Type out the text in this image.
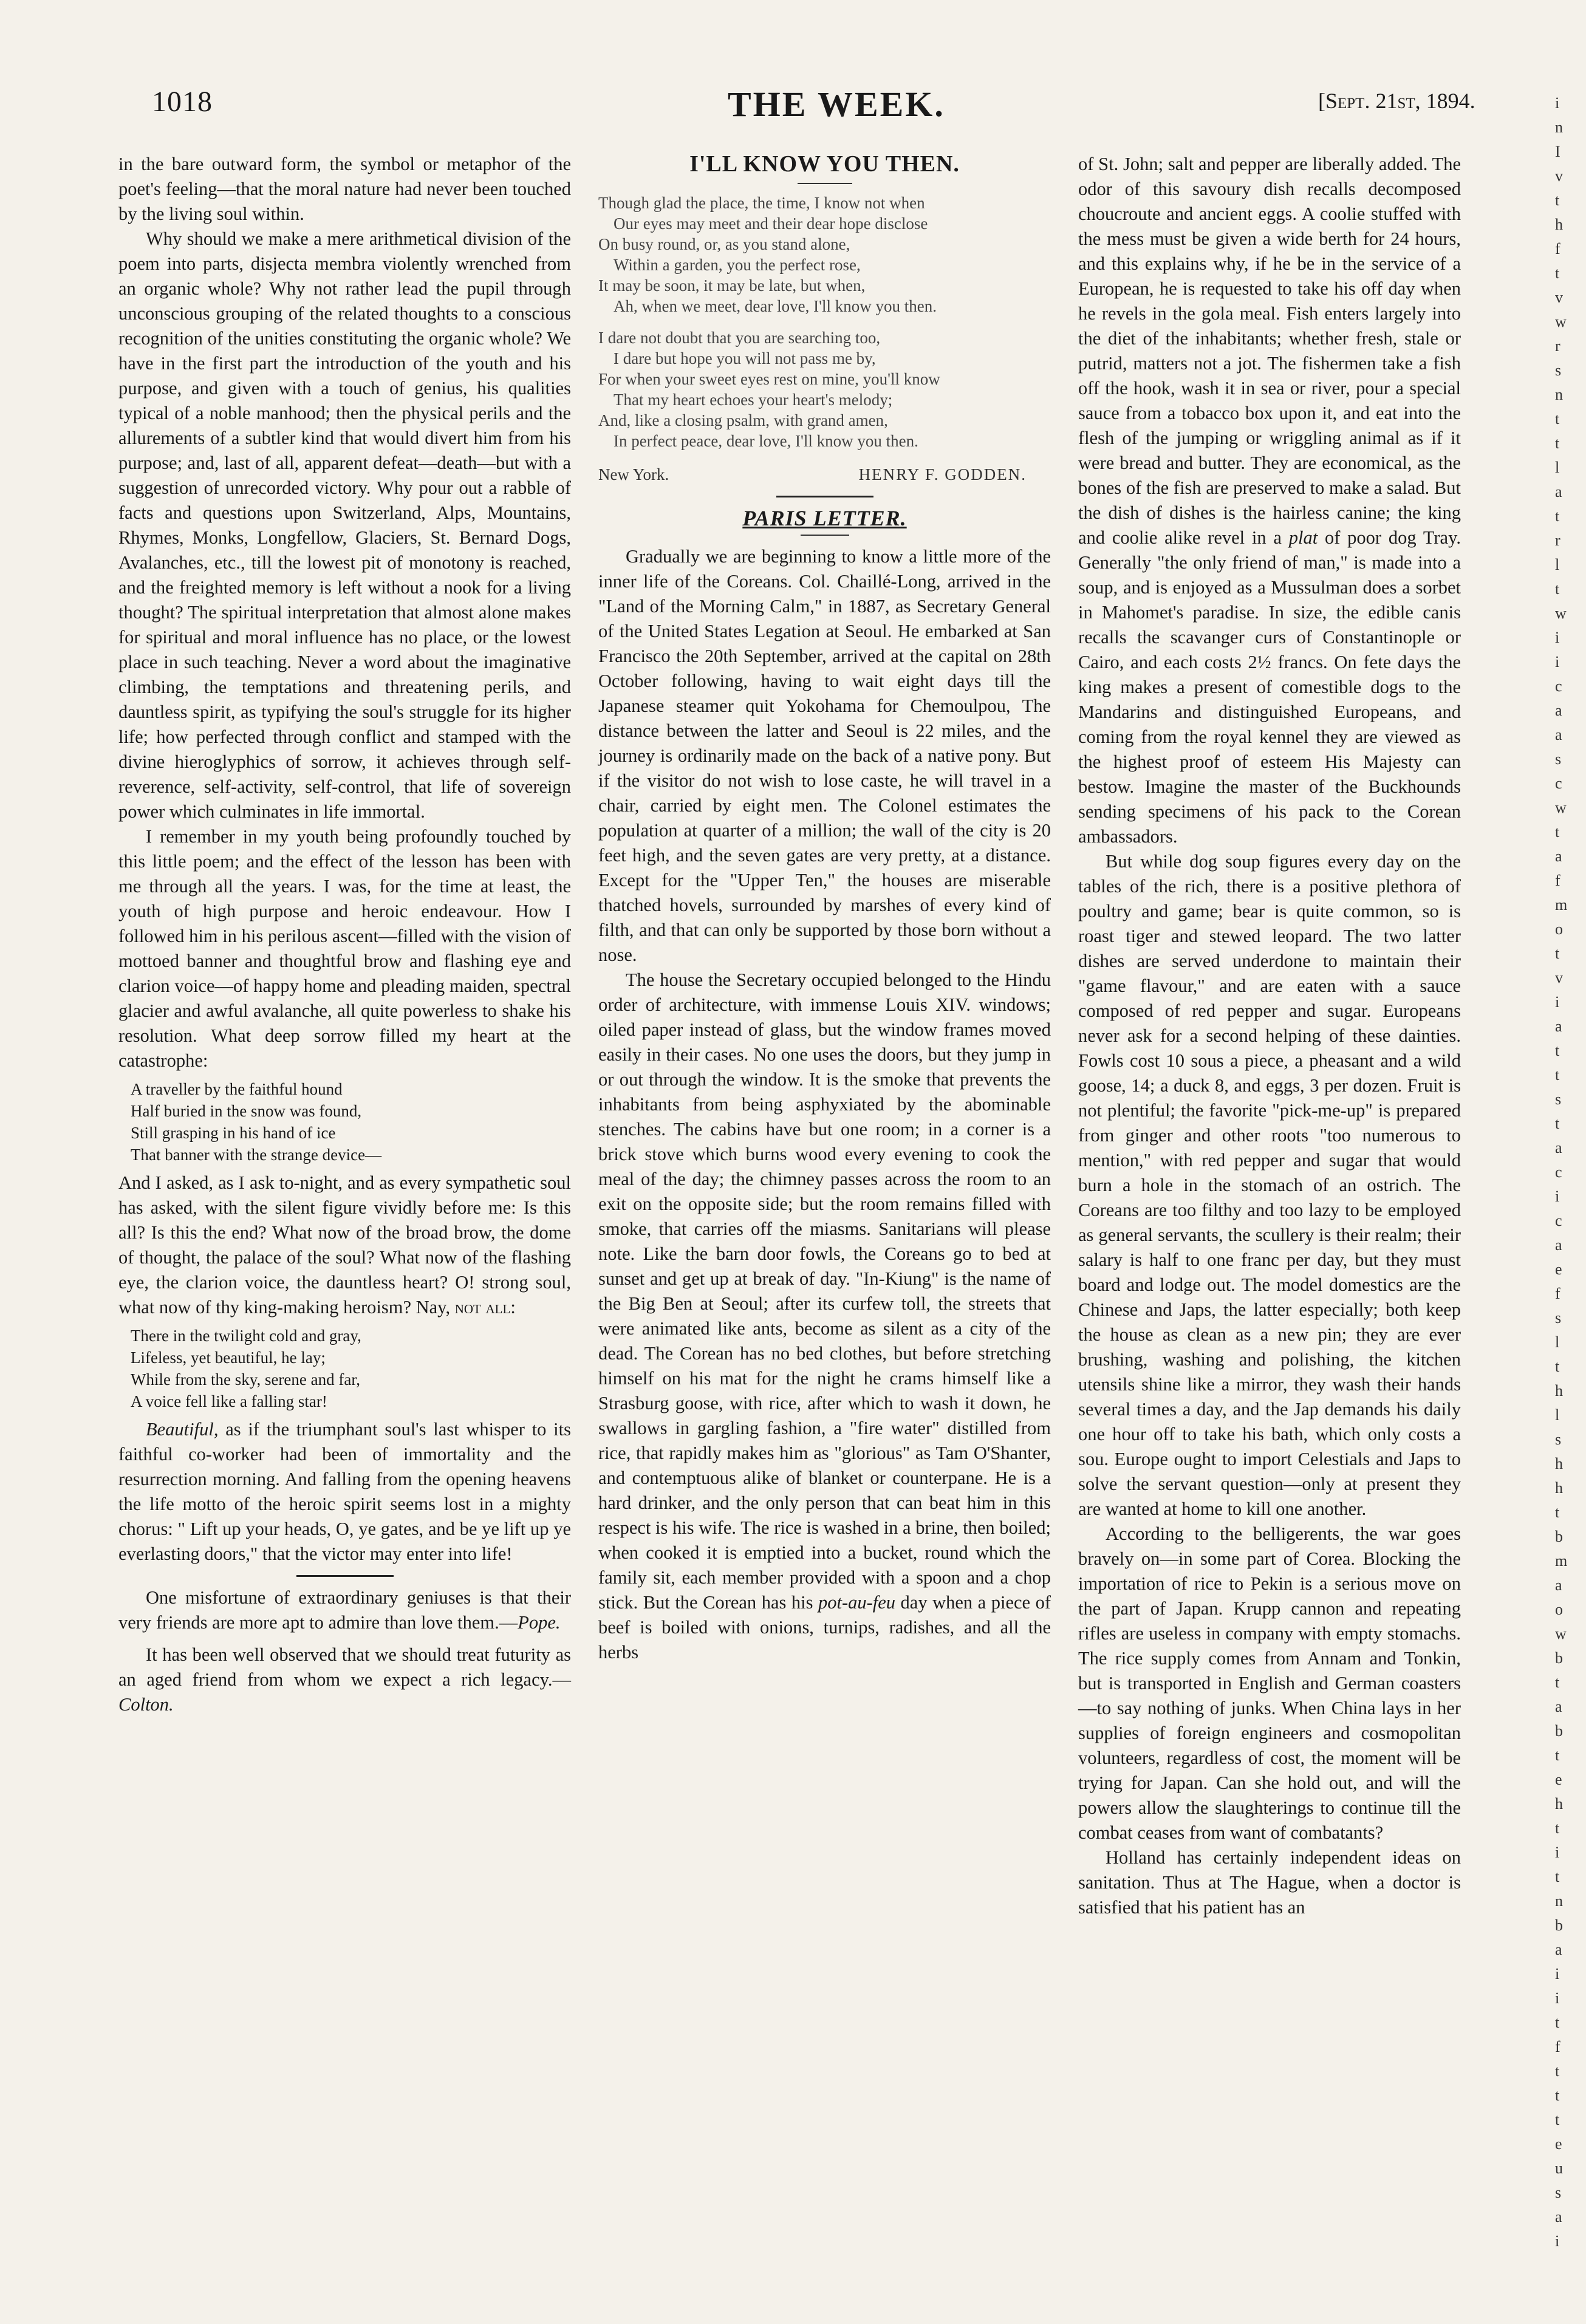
1018	THE WEEK.	[Sept. 21st, 1894.

in the bare outward form, the symbol or metaphor of the poet's feeling—that the moral nature had never been touched by the living soul within.

Why should we make a mere arithmetical division of the poem into parts, disjecta membra violently wrenched from an organic whole? Why not rather lead the pupil through unconscious grouping of the related thoughts to a conscious recognition of the unities constituting the organic whole? We have in the first part the introduction of the youth and his purpose, and given with a touch of genius, his qualities typical of a noble manhood; then the physical perils and the allurements of a subtler kind that would divert him from his purpose; and, last of all, apparent defeat—death—but with a suggestion of unrecorded victory. Why pour out a rabble of facts and questions upon Switzerland, Alps, Mountains, Rhymes, Monks, Longfellow, Glaciers, St. Bernard Dogs, Avalanches, etc., till the lowest pit of monotony is reached, and the freighted memory is left without a nook for a living thought? The spiritual interpretation that almost alone makes for spiritual and moral influence has no place, or the lowest place in such teaching. Never a word about the imaginative climbing, the temptations and threatening perils, and dauntless spirit, as typifying the soul's struggle for its higher life; how perfected through conflict and stamped with the divine hieroglyphics of sorrow, it achieves through self-reverence, self-activity, self-control, that life of sovereign power which culminates in life immortal.

I remember in my youth being profoundly touched by this little poem; and the effect of the lesson has been with me through all the years. I was, for the time at least, the youth of high purpose and heroic endeavour. How I followed him in his perilous ascent—filled with the vision of mottoed banner and thoughtful brow and flashing eye and clarion voice—of happy home and pleading maiden, spectral glacier and awful avalanche, all quite powerless to shake his resolution. What deep sorrow filled my heart at the catastrophe:

A traveller by the faithful hound
Half buried in the snow was found,
Still grasping in his hand of ice
That banner with the strange device—

And I asked, as I ask to-night, and as every sympathetic soul has asked, with the silent figure vividly before me: Is this all? Is this the end? What now of the broad brow, the dome of thought, the palace of the soul? What now of the flashing eye, the clarion voice, the dauntless heart? O! strong soul, what now of thy king-making heroism? Nay, not all:

There in the twilight cold and gray,
Lifeless, yet beautiful, he lay;
While from the sky, serene and far,
A voice fell like a falling star!

Beautiful, as if the triumphant soul's last whisper to its faithful co-worker had been of immortality and the resurrection morning. And falling from the opening heavens the life motto of the heroic spirit seems lost in a mighty chorus: " Lift up your heads, O, ye gates, and be ye lift up ye everlasting doors," that the victor may enter into life!

One misfortune of extraordinary geniuses is that their very friends are more apt to admire than love them.—Pope.

It has been well observed that we should treat futurity as an aged friend from whom we expect a rich legacy.—Colton.

I'LL KNOW YOU THEN.
Though glad the place, the time, I know not when
Our eyes may meet and their dear hope disclose
On busy round, or, as you stand alone,
Within a garden, you the perfect rose,
It may be soon, it may be late, but when,
Ah, when we meet, dear love, I'll know you then.
I dare not doubt that you are searching too,
I dare but hope you will not pass me by,
For when your sweet eyes rest on mine, you'll know
That my heart echoes your heart's melody;
And, like a closing psalm, with grand amen,
In perfect peace, dear love, I'll know you then.
New York.	HENRY F. GODDEN.
PARIS LETTER.

Gradually we are beginning to know a little more of the inner life of the Coreans. Col. Chaillé-Long, arrived in the "Land of the Morning Calm," in 1887, as Secretary General of the United States Legation at Seoul. He embarked at San Francisco the 20th September, arrived at the capital on 28th October following, having to wait eight days till the Japanese steamer quit Yokohama for Chemoulpou, The distance between the latter and Seoul is 22 miles, and the journey is ordinarily made on the back of a native pony. But if the visitor do not wish to lose caste, he will travel in a chair, carried by eight men. The Colonel estimates the population at quarter of a million; the wall of the city is 20 feet high, and the seven gates are very pretty, at a distance. Except for the "Upper Ten," the houses are miserable thatched hovels, surrounded by marshes of every kind of filth, and that can only be supported by those born without a nose.

The house the Secretary occupied belonged to the Hindu order of architecture, with immense Louis XIV. windows; oiled paper instead of glass, but the window frames moved easily in their cases. No one uses the doors, but they jump in or out through the window. It is the smoke that prevents the inhabitants from being asphyxiated by the abominable stenches. The cabins have but one room; in a corner is a brick stove which burns wood every evening to cook the meal of the day; the chimney passes across the room to an exit on the opposite side; but the room remains filled with smoke, that carries off the miasms. Sanitarians will please note. Like the barn door fowls, the Coreans go to bed at sunset and get up at break of day. "In-Kiung" is the name of the Big Ben at Seoul; after its curfew toll, the streets that were animated like ants, become as silent as a city of the dead. The Corean has no bed clothes, but before stretching himself on his mat for the night he crams himself like a Strasburg goose, with rice, after which to wash it down, he swallows in gargling fashion, a "fire water" distilled from rice, that rapidly makes him as "glorious" as Tam O'Shanter, and contemptuous alike of blanket or counterpane. He is a hard drinker, and the only person that can beat him in this respect is his wife. The rice is washed in a brine, then boiled; when cooked it is emptied into a bucket, round which the family sit, each member provided with a spoon and a chop stick. But the Corean has his pot-au-feu day when a piece of beef is boiled with onions, turnips, radishes, and all the herbs

of St. John; salt and pepper are liberally added. The odor of this savoury dish recalls decomposed choucroute and ancient eggs. A coolie stuffed with the mess must be given a wide berth for 24 hours, and this explains why, if he be in the service of a European, he is requested to take his off day when he revels in the gola meal. Fish enters largely into the diet of the inhabitants; whether fresh, stale or putrid, matters not a jot. The fishermen take a fish off the hook, wash it in sea or river, pour a special sauce from a tobacco box upon it, and eat into the flesh of the jumping or wriggling animal as if it were bread and butter. They are economical, as the bones of the fish are preserved to make a salad. But the dish of dishes is the hairless canine; the king and coolie alike revel in a plat of poor dog Tray. Generally "the only friend of man," is made into a soup, and is enjoyed as a Mussulman does a sorbet in Mahomet's paradise. In size, the edible canis recalls the scavanger curs of Constantinople or Cairo, and each costs 2½ francs. On fete days the king makes a present of comestible dogs to the Mandarins and distinguished Europeans, and coming from the royal kennel they are viewed as the highest proof of esteem His Majesty can bestow. Imagine the master of the Buckhounds sending specimens of his pack to the Corean ambassadors.

But while dog soup figures every day on the tables of the rich, there is a positive plethora of poultry and game; bear is quite common, so is roast tiger and stewed leopard. The two latter dishes are served underdone to maintain their "game flavour," and are eaten with a sauce composed of red pepper and sugar. Europeans never ask for a second helping of these dainties. Fowls cost 10 sous a piece, a pheasant and a wild goose, 14; a duck 8, and eggs, 3 per dozen. Fruit is not plentiful; the favorite "pick-me-up" is prepared from ginger and other roots "too numerous to mention," with red pepper and sugar that would burn a hole in the stomach of an ostrich. The Coreans are too filthy and too lazy to be employed as general servants, the scullery is their realm; their salary is half to one franc per day, but they must board and lodge out. The model domestics are the Chinese and Japs, the latter especially; both keep the house as clean as a new pin; they are ever brushing, washing and polishing, the kitchen utensils shine like a mirror, they wash their hands several times a day, and the Jap demands his daily one hour off to take his bath, which only costs a sou. Europe ought to import Celestials and Japs to solve the servant question—only at present they are wanted at home to kill one another.

According to the belligerents, the war goes bravely on—in some part of Corea. Blocking the importation of rice to Pekin is a serious move on the part of Japan. Krupp cannon and repeating rifles are useless in company with empty stomachs. The rice supply comes from Annam and Tonkin, but is transported in English and German coasters—to say nothing of junks. When China lays in her supplies of foreign engineers and cosmopolitan volunteers, regardless of cost, the moment will be trying for Japan. Can she hold out, and will the powers allow the slaughterings to continue till the combat ceases from want of combatants?

Holland has certainly independent ideas on sanitation. Thus at The Hague, when a doctor is satisfied that his patient has an

i
n
I
v
t
h
f
t
v
w
r
s
n
t
t
l
a
t
r
l
t
w
i
i
c
a
a
s
c
w
t
a
f
m
o
t
v
i
a
t
t
s
t
a
c
i
c
a
e
f
s
l
t
h
l
s
h
h
t
b
m
a
o
w
b
t
a
b
t
e
h
t
i
t
n
b
a
i
i
t
f
t
t
t
e
u
s
a
i
